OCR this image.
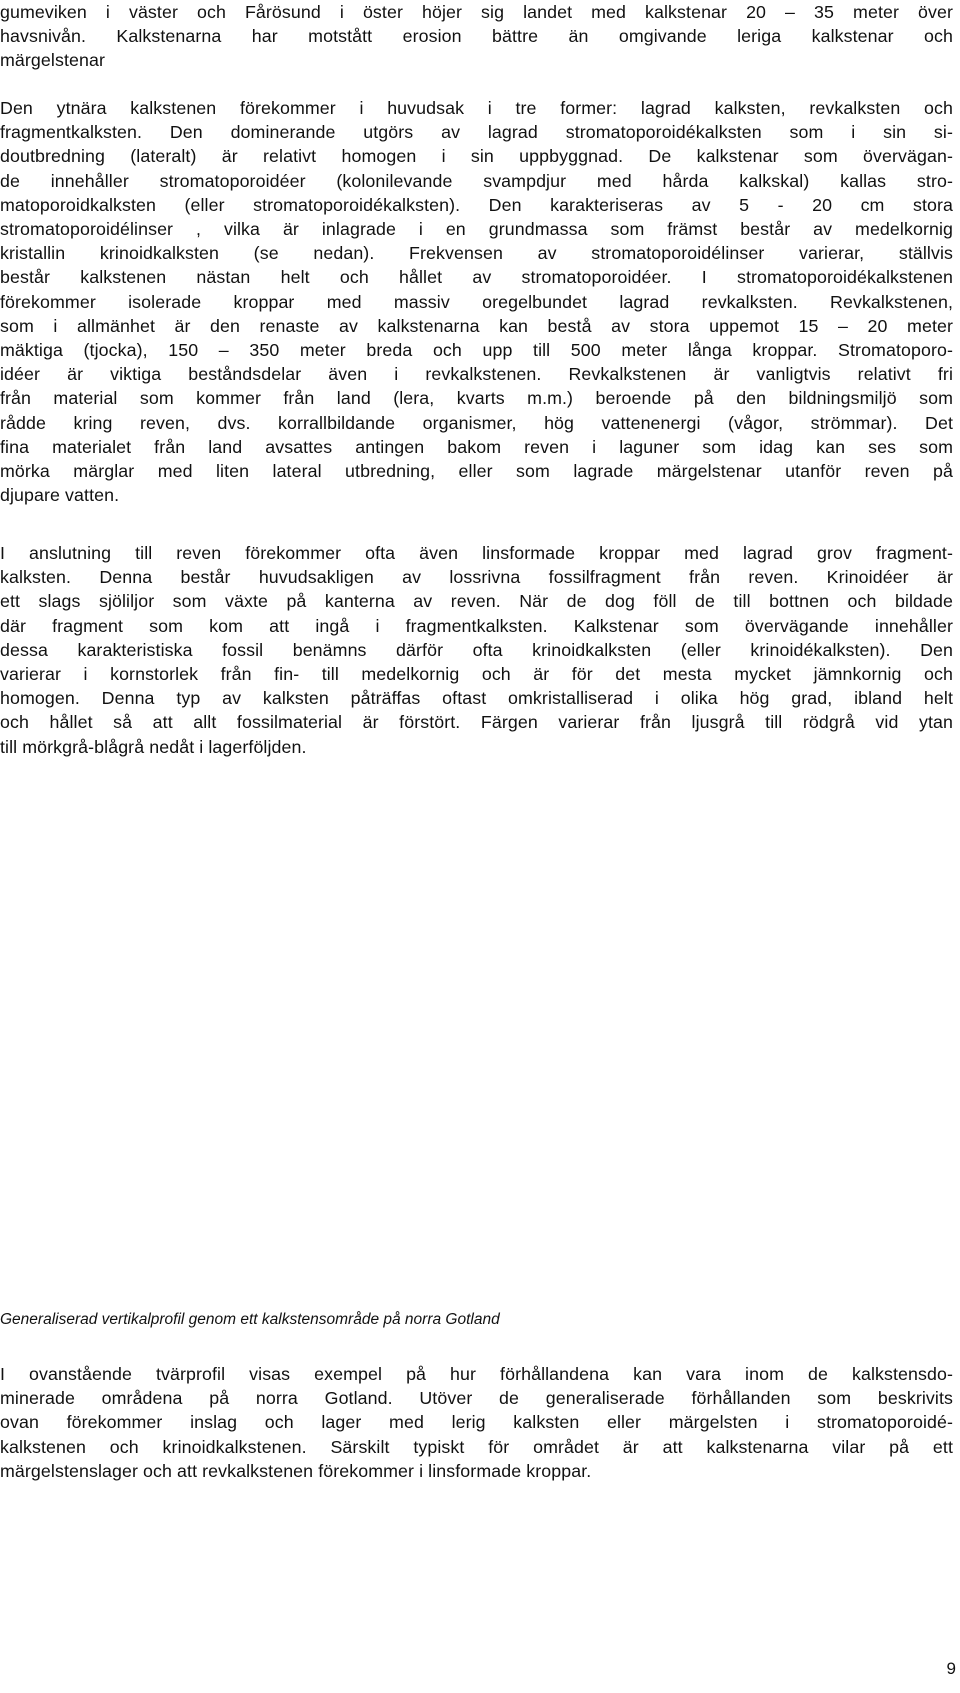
gumeviken i väster och Fårösund i öster höjer sig landet med kalkstenar 20 – 35 meter över
havsnivån. Kalkstenarna har motstått erosion bättre än omgivande leriga kalkstenar och
märgelstenar

Den ytnära kalkstenen förekommer i huvudsak i tre former: lagrad kalksten, revkalksten och
fragmentkalksten. Den dominerande utgörs av lagrad stromatoporoidékalksten som i sin si-
doutbredning (lateralt) är relativt homogen i sin uppbyggnad. De kalkstenar som övervägan-
de innehåller stromatoporoidéer (kolonilevande svampdjur med hårda kalkskal) kallas stro-
matoporoidkalksten (eller stromatoporoidékalksten). Den karakteriseras av 5 - 20 cm stora
stromatoporoidélinser , vilka är inlagrade i en grundmassa som främst består av medelkornig
kristallin krinoidkalksten (se nedan). Frekvensen av stromatoporoidélinser varierar, ställvis
består kalkstenen nästan helt och hållet av stromatoporoidéer. I stromatoporoidékalkstenen
förekommer isolerade kroppar med massiv oregelbundet lagrad revkalksten. Revkalkstenen,
som i allmänhet är den renaste av kalkstenarna kan bestå av stora uppemot 15 – 20 meter
mäktiga (tjocka), 150 – 350 meter breda och upp till 500 meter långa kroppar. Stromatoporo-
idéer är viktiga beståndsdelar även i revkalkstenen. Revkalkstenen är vanligtvis relativt fri
från material som kommer från land (lera, kvarts m.m.) beroende på den bildningsmiljö som
rådde kring reven, dvs. korrallbildande organismer, hög vattenenergi (vågor, strömmar). Det
fina materialet från land avsattes antingen bakom reven i laguner som idag kan ses som
mörka märglar med liten lateral utbredning, eller som lagrade märgelstenar utanför reven på
djupare vatten.

I anslutning till reven förekommer ofta även linsformade kroppar med lagrad grov fragment-
kalksten. Denna består huvudsakligen av lossrivna fossilfragment från reven. Krinoidéer är
ett slags sjöliljor som växte på kanterna av reven. När de dog föll de till bottnen och bildade
där fragment som kom att ingå i fragmentkalksten. Kalkstenar som övervägande innehåller
dessa karakteristiska fossil benämns därför ofta krinoidkalksten (eller krinoidékalksten). Den
varierar i kornstorlek från fin- till medelkornig och är för det mesta mycket jämnkornig och
homogen. Denna typ av kalksten påträffas oftast omkristalliserad i olika hög grad, ibland helt
och hållet så att allt fossilmaterial är förstört. Färgen varierar från ljusgrå till rödgrå vid ytan
till mörkgrå-blågrå nedåt i lagerföljden.

Generaliserad vertikalprofil genom ett kalkstensområde på norra Gotland

I ovanstående tvärprofil visas exempel på hur förhållandena kan vara inom de kalkstensdo-
minerade områdena på norra Gotland. Utöver de generaliserade förhållanden som beskrivits
ovan förekommer inslag och lager med lerig kalksten eller märgelsten i stromatoporoidé-
kalkstenen och krinoidkalkstenen. Särskilt typiskt för området är att kalkstenarna vilar på ett
märgelstenslager och att revkalkstenen förekommer i linsformade kroppar.

9
